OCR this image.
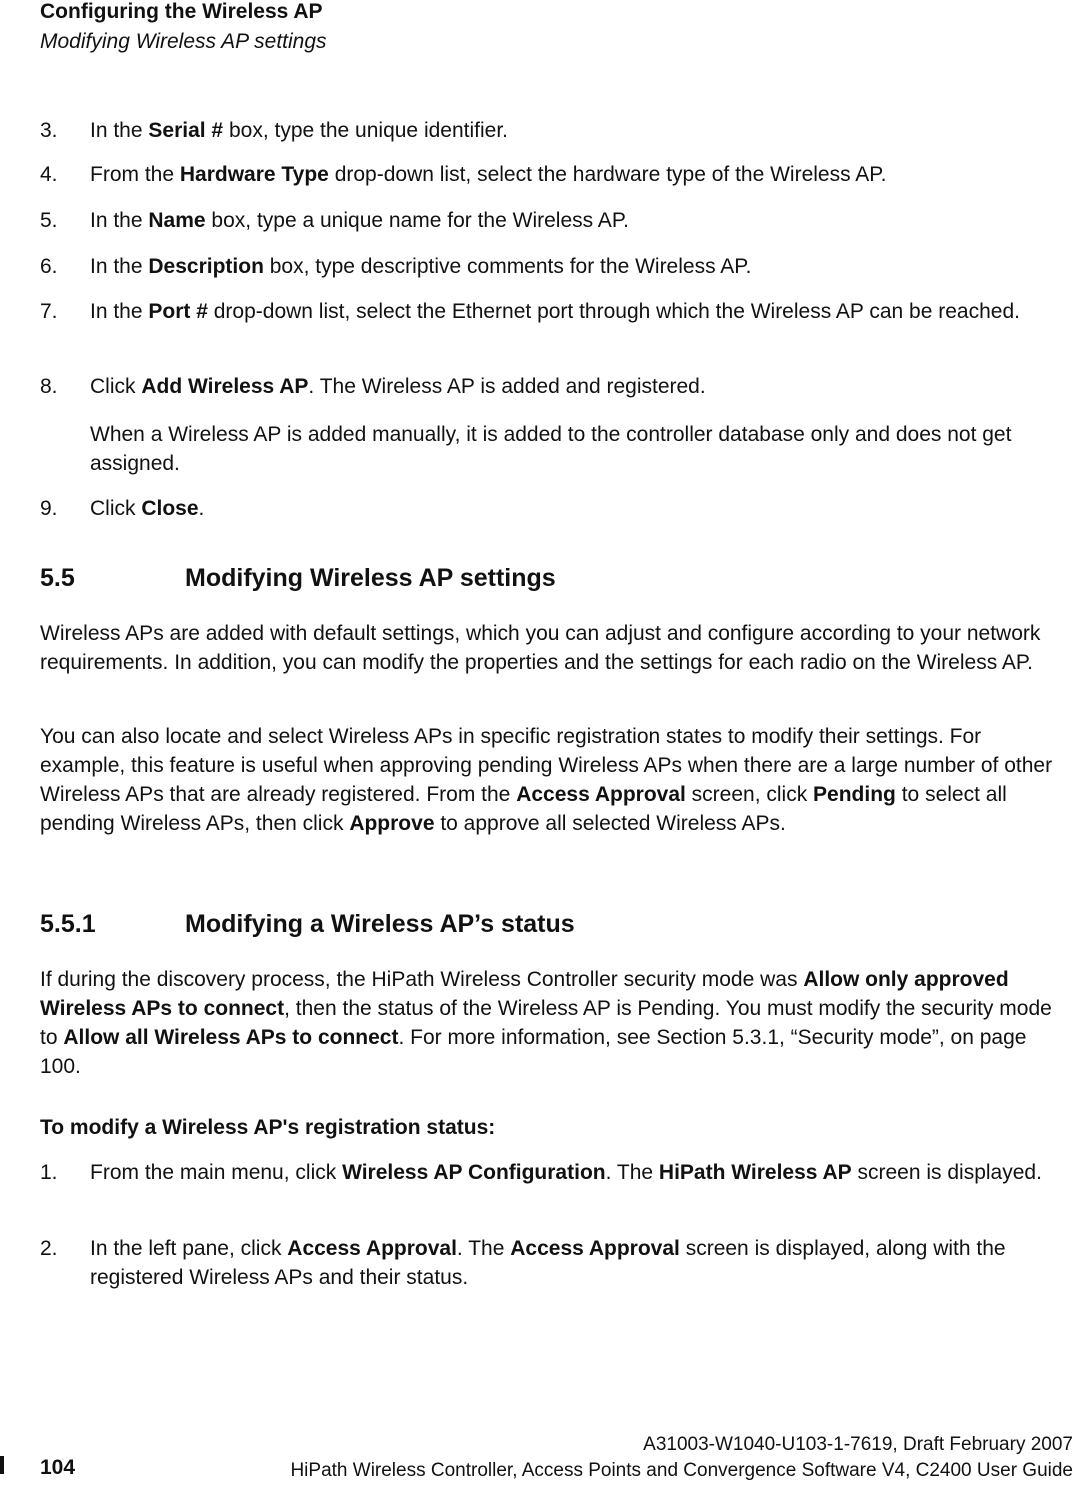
Configuring the Wireless AP
Modifying Wireless AP settings
3. In the Serial # box, type the unique identifier.
4. From the Hardware Type drop-down list, select the hardware type of the Wireless AP.
5. In the Name box, type a unique name for the Wireless AP.
6. In the Description box, type descriptive comments for the Wireless AP.
7. In the Port # drop-down list, select the Ethernet port through which the Wireless AP can be reached.
8. Click Add Wireless AP. The Wireless AP is added and registered.
When a Wireless AP is added manually, it is added to the controller database only and does not get assigned.
9. Click Close.
5.5	Modifying Wireless AP settings
Wireless APs are added with default settings, which you can adjust and configure according to your network requirements. In addition, you can modify the properties and the settings for each radio on the Wireless AP.
You can also locate and select Wireless APs in specific registration states to modify their settings. For example, this feature is useful when approving pending Wireless APs when there are a large number of other Wireless APs that are already registered. From the Access Approval screen, click Pending to select all pending Wireless APs, then click Approve to approve all selected Wireless APs.
5.5.1	Modifying a Wireless AP’s status
If during the discovery process, the HiPath Wireless Controller security mode was Allow only approved Wireless APs to connect, then the status of the Wireless AP is Pending. You must modify the security mode to Allow all Wireless APs to connect. For more information, see Section 5.3.1, “Security mode”, on page 100.
To modify a Wireless AP's registration status:
1. From the main menu, click Wireless AP Configuration. The HiPath Wireless AP screen is displayed.
2. In the left pane, click Access Approval. The Access Approval screen is displayed, along with the registered Wireless APs and their status.
104
A31003-W1040-U103-1-7619, Draft February 2007
HiPath Wireless Controller, Access Points and Convergence Software V4, C2400 User Guide
